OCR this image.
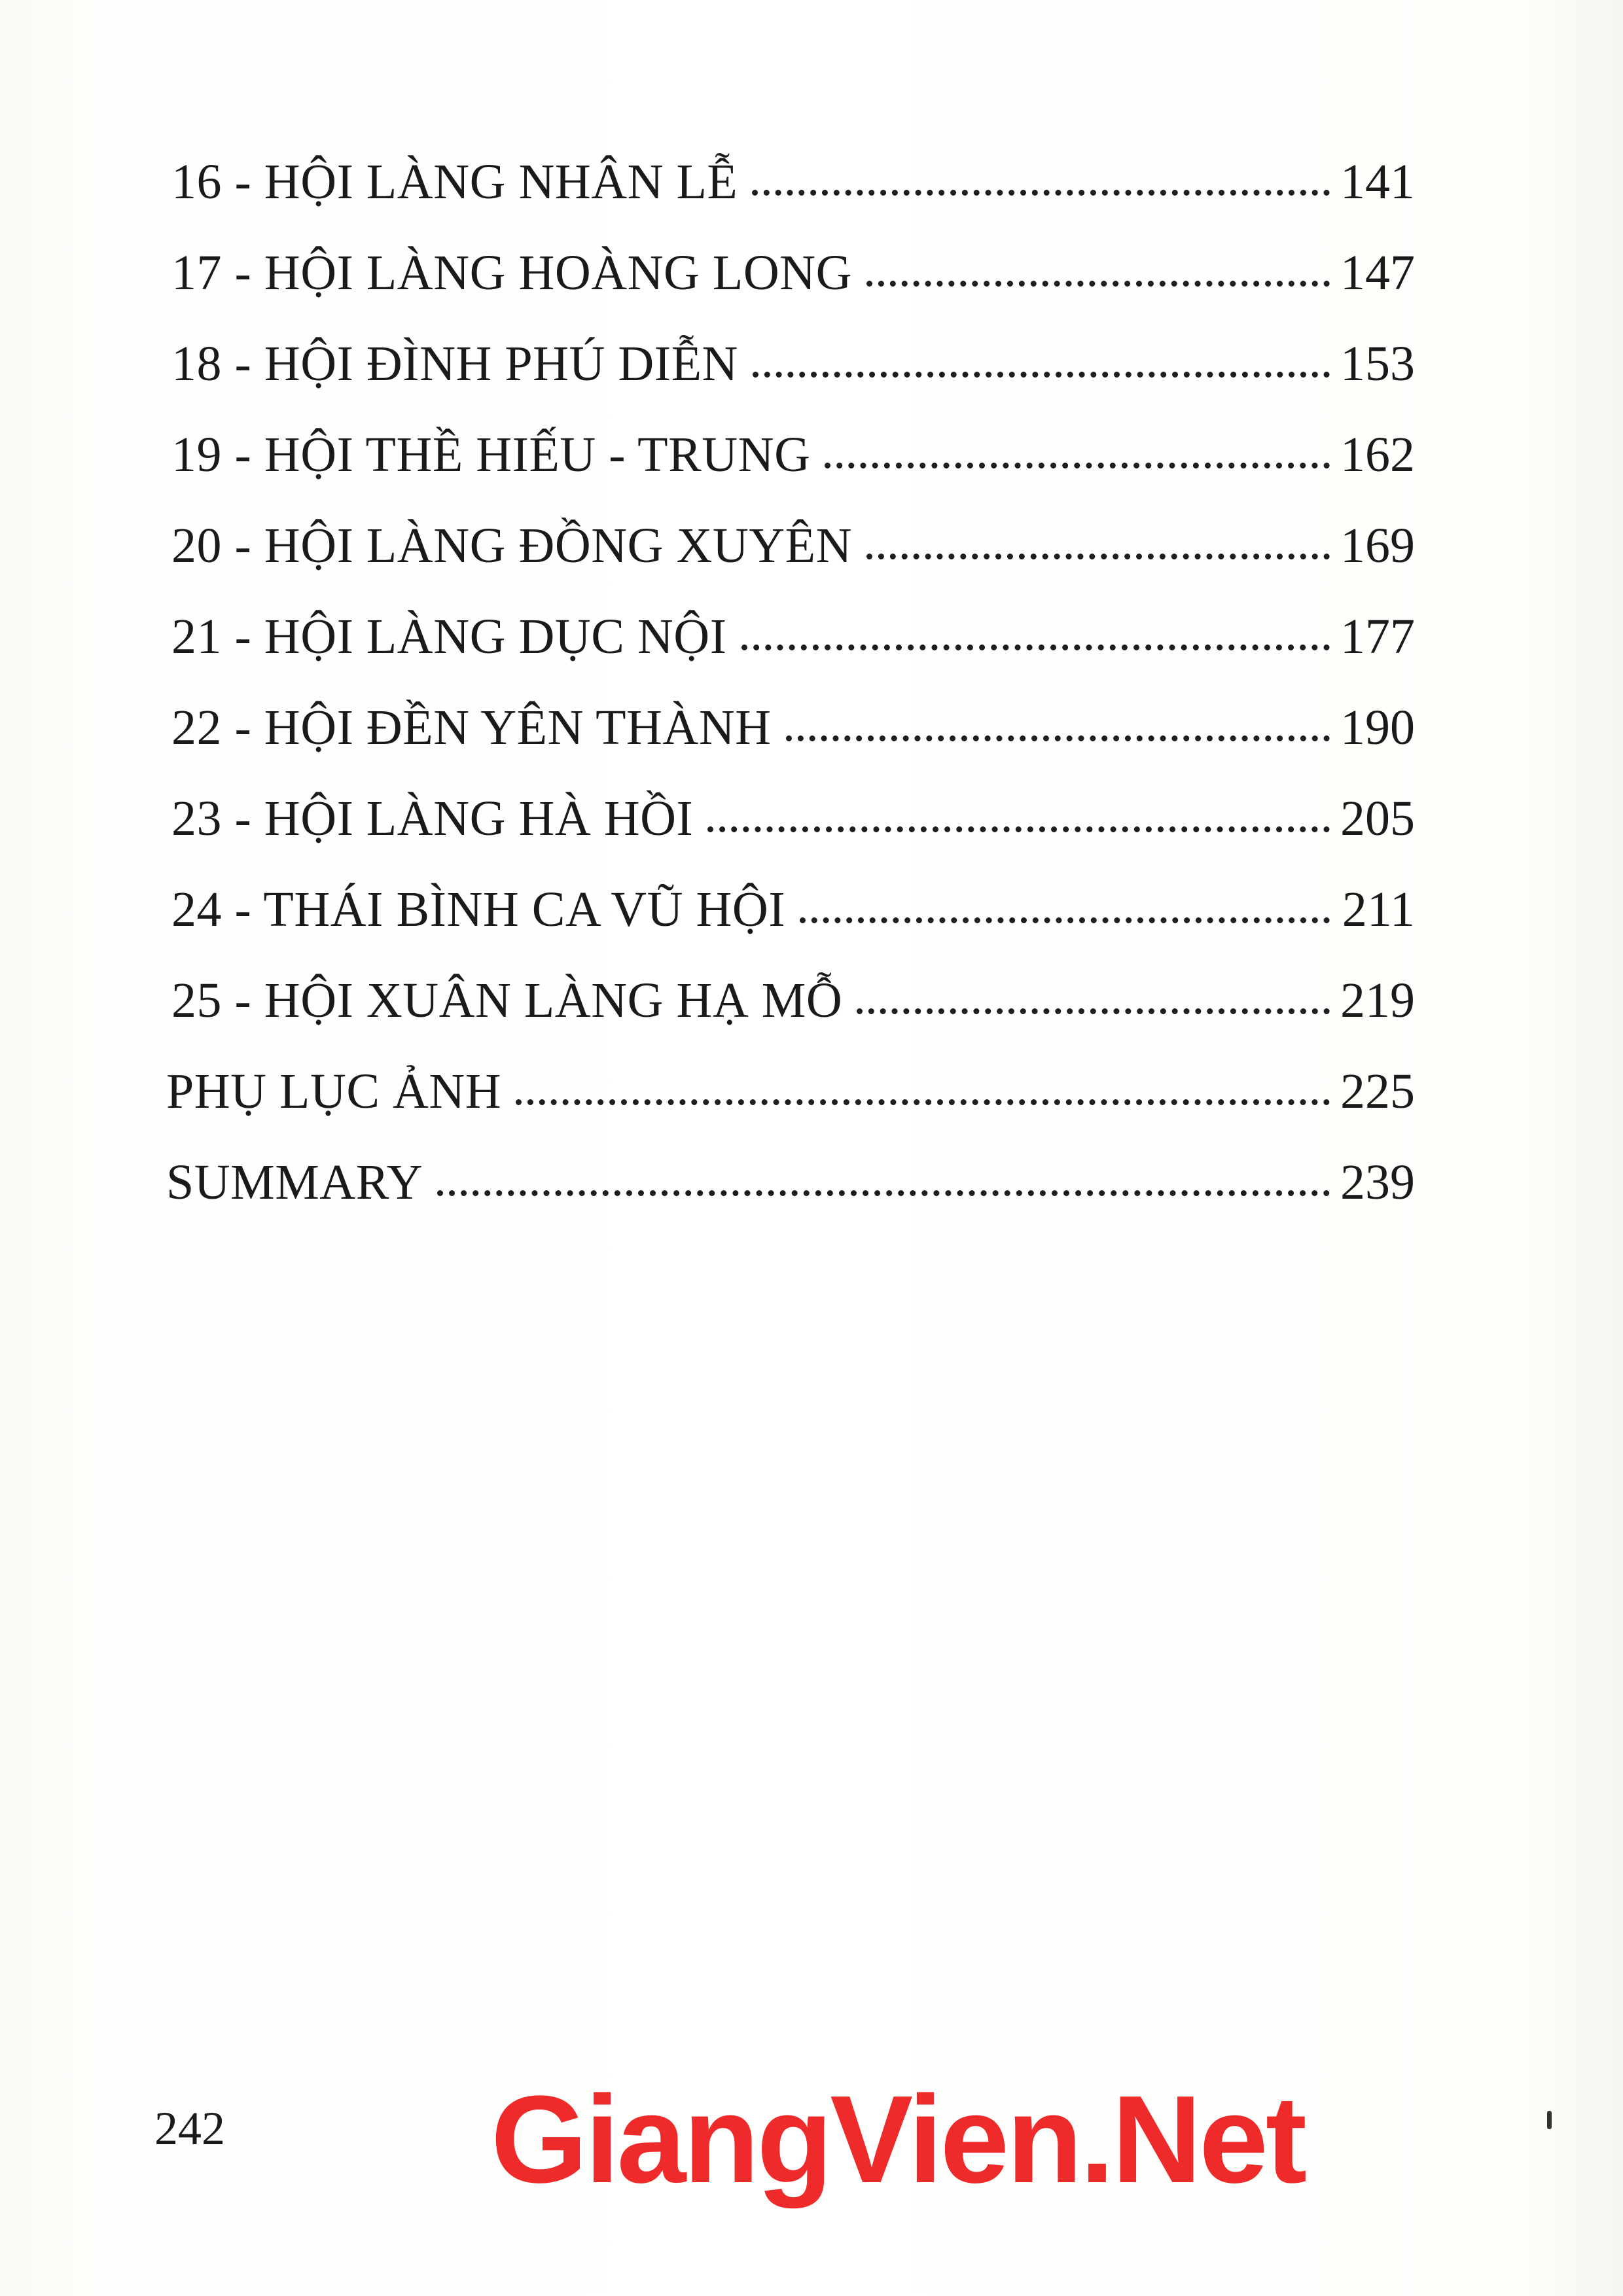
16 - HỘI LÀNG NHÂN LỄ	141
17 - HỘI LÀNG HOÀNG LONG	147
18 - HỘI ĐÌNH PHÚ DIỄN	153
19 - HỘI THỀ HIẾU - TRUNG	162
20 - HỘI LÀNG ĐỒNG XUYÊN	169
21 - HỘI LÀNG DỤC NỘI	177
22 - HỘI ĐỀN YÊN THÀNH	190
23 - HỘI LÀNG HÀ HỒI	205
24 - THÁI BÌNH CA VŨ HỘI	211
25 - HỘI XUÂN LÀNG HẠ MỖ	219
PHỤ LỤC ẢNH	225
SUMMARY	239
242 GiangVien.Net
